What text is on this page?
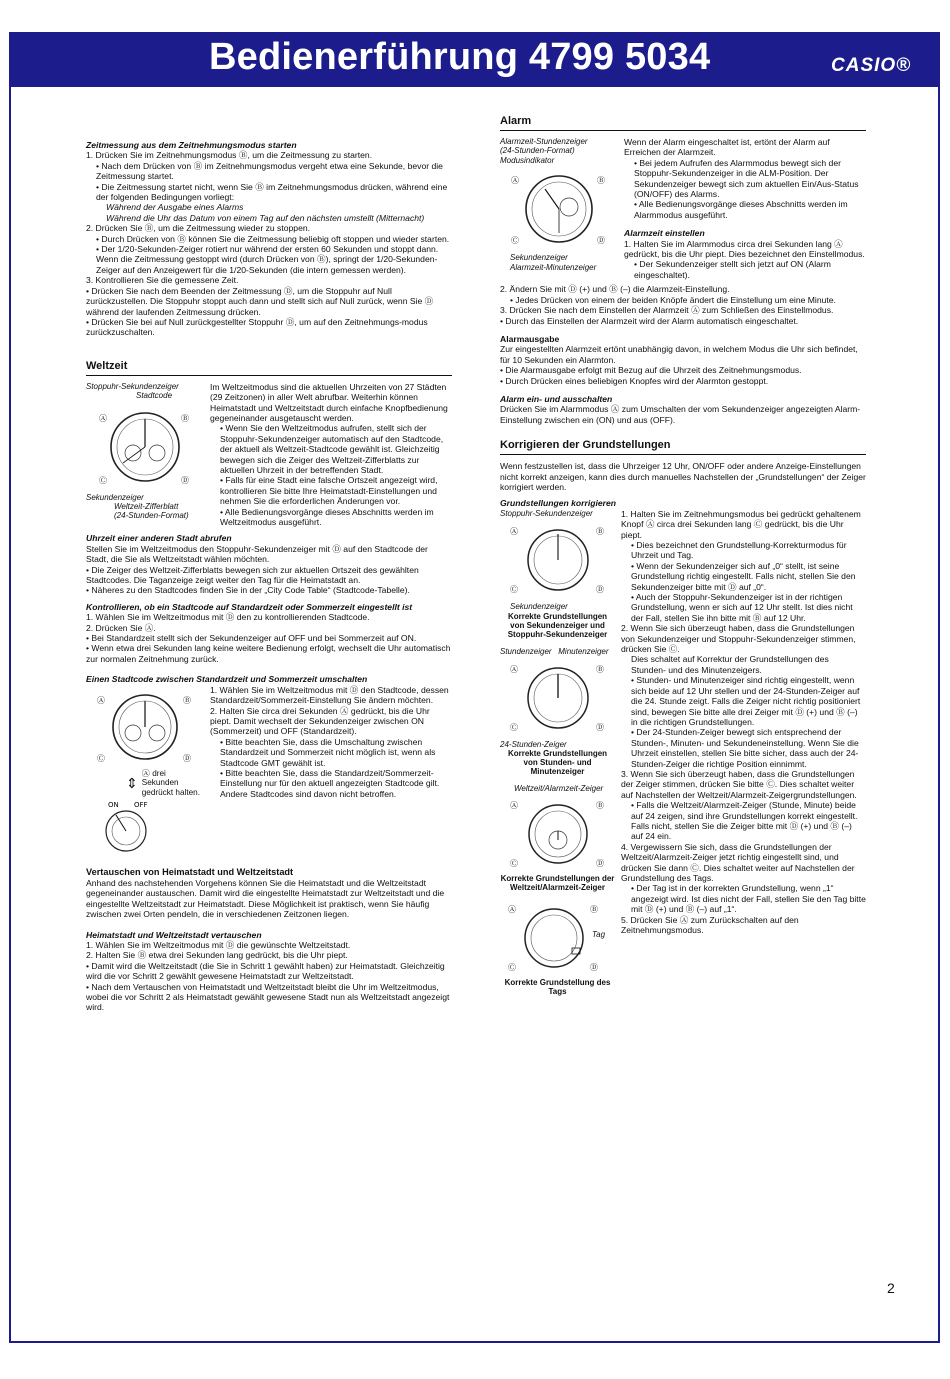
Bedienerführung 4799 5034	CASIO®

Zeitmessung aus dem Zeitnehmungsmodus starten

1. Drücken Sie im Zeitnehmungsmodus Ⓑ, um die Zeitmessung zu starten.

• Nach dem Drücken von Ⓑ im Zeitnehmungsmodus vergeht etwa eine Sekunde, bevor die Zeitmessung startet.

• Die Zeitmessung startet nicht, wenn Sie Ⓑ im Zeitnehmungsmodus drücken, während eine der folgenden Bedingungen vorliegt:

Während der Ausgabe eines Alarms

Während die Uhr das Datum von einem Tag auf den nächsten umstellt (Mitternacht)

2. Drücken Sie Ⓑ, um die Zeitmessung wieder zu stoppen.

• Durch Drücken von Ⓑ können Sie die Zeitmessung beliebig oft stoppen und wieder starten.

• Der 1/20-Sekunden-Zeiger rotiert nur während der ersten 60 Sekunden und stoppt dann. Wenn die Zeitmessung gestoppt wird (durch Drücken von Ⓑ), springt der 1/20-Sekunden-Zeiger auf den Anzeigewert für die 1/20-Sekunden (die intern gemessen werden).

3. Kontrollieren Sie die gemessene Zeit.

• Drücken Sie nach dem Beenden der Zeitmessung Ⓓ, um die Stoppuhr auf Null zurückzustellen. Die Stoppuhr stoppt auch dann und stellt sich auf Null zurück, wenn Sie Ⓓ während der laufenden Zeitmessung drücken.

• Drücken Sie bei auf Null zurückgestellter Stoppuhr Ⓓ, um auf den Zeitnehmungs-modus zurückzuschalten.

Weltzeit

Stoppuhr-Sekundenzeiger

Stadtcode

Ⓐ	Ⓑ
Ⓒ	Ⓓ

Sekundenzeiger

Weltzeit-Zifferblatt

(24-Stunden-Format)

Im Weltzeitmodus sind die aktuellen Uhrzeiten von 27 Städten (29 Zeitzonen) in aller Welt abrufbar. Weiterhin können Heimatstadt und Weltzeitstadt durch einfache Knopfbedienung gegeneinander ausgetauscht werden.

• Wenn Sie den Weltzeitmodus aufrufen, stellt sich der Stoppuhr-Sekundenzeiger automatisch auf den Stadtcode, der aktuell als Weltzeit-Stadtcode gewählt ist. Gleichzeitig bewegen sich die Zeiger des Weltzeit-Zifferblatts zur aktuellen Uhrzeit in der betreffenden Stadt.

• Falls für eine Stadt eine falsche Ortszeit angezeigt wird, kontrollieren Sie bitte Ihre Heimatstadt-Einstellungen und nehmen Sie die erforderlichen Änderungen vor.

• Alle Bedienungsvorgänge dieses Abschnitts werden im Weltzeitmodus ausgeführt.

Uhrzeit einer anderen Stadt abrufen

Stellen Sie im Weltzeitmodus den Stoppuhr-Sekundenzeiger mit Ⓓ auf den Stadtcode der Stadt, die Sie als Weltzeitstadt wählen möchten.

• Die Zeiger des Weltzeit-Zifferblatts bewegen sich zur aktuellen Ortszeit des gewählten Stadtcodes. Die Taganzeige zeigt weiter den Tag für die Heimatstadt an.

• Näheres zu den Stadtcodes finden Sie in der „City Code Table“ (Stadtcode-Tabelle).

Kontrollieren, ob ein Stadtcode auf Standardzeit oder Sommerzeit eingestellt ist

1. Wählen Sie im Weltzeitmodus mit Ⓓ den zu kontrollierenden Stadtcode.

2. Drücken Sie Ⓐ.

• Bei Standardzeit stellt sich der Sekundenzeiger auf OFF und bei Sommerzeit auf ON.

• Wenn etwa drei Sekunden lang keine weitere Bedienung erfolgt, wechselt die Uhr automatisch zur normalen Zeitnehmung zurück.

Einen Stadtcode zwischen Standardzeit und Sommerzeit umschalten

Ⓐ	Ⓑ
Ⓒ	Ⓓ
⇕

Ⓐ drei Sekunden gedrückt halten.

ON OFF

1. Wählen Sie im Weltzeitmodus mit Ⓓ den Stadtcode, dessen Standardzeit/Sommerzeit-Einstellung Sie ändern möchten.

2. Halten Sie circa drei Sekunden Ⓐ gedrückt, bis die Uhr piept. Damit wechselt der Sekundenzeiger zwischen ON (Sommerzeit) und OFF (Standardzeit).

• Bitte beachten Sie, dass die Umschaltung zwischen Standardzeit und Sommerzeit nicht möglich ist, wenn als Stadtcode GMT gewählt ist.

• Bitte beachten Sie, dass die Standardzeit/Sommerzeit-Einstellung nur für den aktuell angezeigten Stadtcode gilt. Andere Stadtcodes sind davon nicht betroffen.

Vertauschen von Heimatstadt und Weltzeitstadt

Anhand des nachstehenden Vorgehens können Sie die Heimatstadt und die Weltzeitstadt gegeneinander austauschen. Damit wird die eingestellte Heimatstadt zur Weltzeitstadt und die eingestellte Weltzeitstadt zur Heimatstadt. Diese Möglichkeit ist praktisch, wenn Sie häufig zwischen zwei Orten pendeln, die in verschiedenen Zeitzonen liegen.

Heimatstadt und Weltzeitstadt vertauschen

1. Wählen Sie im Weltzeitmodus mit Ⓓ die gewünschte Weltzeitstadt.

2. Halten Sie Ⓑ etwa drei Sekunden lang gedrückt, bis die Uhr piept.

• Damit wird die Weltzeitstadt (die Sie in Schritt 1 gewählt haben) zur Heimatstadt. Gleichzeitig wird die vor Schritt 2 gewählt gewesene Heimatstadt zur Weltzeitstadt.

• Nach dem Vertauschen von Heimatstadt und Weltzeitstadt bleibt die Uhr im Weltzeitmodus, wobei die vor Schritt 2 als Heimatstadt gewählt gewesene Stadt nun als Weltzeitstadt angezeigt wird.

Alarm

Alarmzeit-Stundenzeiger

(24-Stunden-Format)

Modusindikator

Ⓐ	Ⓑ
Ⓒ	Ⓓ

Sekundenzeiger

Alarmzeit-Minutenzeiger

Wenn der Alarm eingeschaltet ist, ertönt der Alarm auf Erreichen der Alarmzeit.

• Bei jedem Aufrufen des Alarmmodus bewegt sich der Stoppuhr-Sekundenzeiger in die ALM-Position. Der Sekundenzeiger bewegt sich zum aktuellen Ein/Aus-Status (ON/OFF) des Alarms.

• Alle Bedienungsvorgänge dieses Abschnitts werden im Alarmmodus ausgeführt.

Alarmzeit einstellen

1. Halten Sie im Alarmmodus circa drei Sekunden lang Ⓐ gedrückt, bis die Uhr piept. Dies bezeichnet den Einstellmodus.

• Der Sekundenzeiger stellt sich jetzt auf ON (Alarm eingeschaltet).

2. Ändern Sie mit Ⓓ (+) und Ⓑ (–) die Alarmzeit-Einstellung.

• Jedes Drücken von einem der beiden Knöpfe ändert die Einstellung um eine Minute.

3. Drücken Sie nach dem Einstellen der Alarmzeit Ⓐ zum Schließen des Einstellmodus.

• Durch das Einstellen der Alarmzeit wird der Alarm automatisch eingeschaltet.

Alarmausgabe

Zur eingestellten Alarmzeit ertönt unabhängig davon, in welchem Modus die Uhr sich befindet, für 10 Sekunden ein Alarmton.

• Die Alarmausgabe erfolgt mit Bezug auf die Uhrzeit des Zeitnehmungsmodus.

• Durch Drücken eines beliebigen Knopfes wird der Alarmton gestoppt.

Alarm ein- und ausschalten

Drücken Sie im Alarmmodus Ⓐ zum Umschalten der vom Sekundenzeiger angezeigten Alarm-Einstellung zwischen ein (ON) und aus (OFF).

Korrigieren der Grundstellungen

Wenn festzustellen ist, dass die Uhrzeiger 12 Uhr, ON/OFF oder andere Anzeige-Einstellungen nicht korrekt anzeigen, kann dies durch manuelles Nachstellen der „Grundstellungen“ der Zeiger korrigiert werden.

Grundstellungen korrigieren

Stoppuhr-Sekundenzeiger

Ⓐ	Ⓑ
Ⓒ	Ⓓ

Sekundenzeiger

Korrekte Grundstellungen von Sekundenzeiger und Stoppuhr-Sekundenzeiger

Stundenzeiger Minutenzeiger

Ⓐ	Ⓑ
Ⓒ	Ⓓ

24-Stunden-Zeiger

Korrekte Grundstellungen von Stunden- und Minutenzeiger

Weltzeit/Alarmzeit-Zeiger

Ⓐ	Ⓑ
Ⓒ	Ⓓ

Korrekte Grundstellungen der Weltzeit/Alarmzeit-Zeiger

Ⓐ	Ⓑ
Ⓒ	Ⓓ
Tag

Korrekte Grundstellung des Tags

1. Halten Sie im Zeitnehmungsmodus bei gedrückt gehaltenem Knopf Ⓐ circa drei Sekunden lang Ⓒ gedrückt, bis die Uhr piept.

• Dies bezeichnet den Grundstellung-Korrekturmodus für Uhrzeit und Tag.

• Wenn der Sekundenzeiger sich auf „0“ stellt, ist seine Grundstellung richtig eingestellt. Falls nicht, stellen Sie den Sekundenzeiger bitte mit Ⓓ auf „0“.

• Auch der Stoppuhr-Sekundenzeiger ist in der richtigen Grundstellung, wenn er sich auf 12 Uhr stellt. Ist dies nicht der Fall, stellen Sie ihn bitte mit Ⓑ auf 12 Uhr.

2. Wenn Sie sich überzeugt haben, dass die Grundstellungen von Sekundenzeiger und Stoppuhr-Sekundenzeiger stimmen, drücken Sie Ⓒ.

Dies schaltet auf Korrektur der Grundstellungen des Stunden- und des Minutenzeigers.

• Stunden- und Minutenzeiger sind richtig eingestellt, wenn sich beide auf 12 Uhr stellen und der 24-Stunden-Zeiger auf die 24. Stunde zeigt. Falls die Zeiger nicht richtig positioniert sind, bewegen Sie bitte alle drei Zeiger mit Ⓓ (+) und Ⓑ (–) in die richtigen Grundstellungen.

• Der 24-Stunden-Zeiger bewegt sich entsprechend der Stunden-, Minuten- und Sekundeneinstellung. Wenn Sie die Uhrzeit einstellen, stellen Sie bitte sicher, dass auch der 24-Stunden-Zeiger die richtige Position einnimmt.

3. Wenn Sie sich überzeugt haben, dass die Grundstellungen der Zeiger stimmen, drücken Sie bitte Ⓒ. Dies schaltet weiter auf Nachstellen der Weltzeit/Alarmzeit-Zeigergrundstellungen.

• Falls die Weltzeit/Alarmzeit-Zeiger (Stunde, Minute) beide auf 24 zeigen, sind ihre Grundstellungen korrekt eingestellt. Falls nicht, stellen Sie die Zeiger bitte mit Ⓓ (+) und Ⓑ (–) auf 24 ein.

4. Vergewissern Sie sich, dass die Grundstellungen der Weltzeit/Alarmzeit-Zeiger jetzt richtig eingestellt sind, und drücken Sie dann Ⓒ. Dies schaltet weiter auf Nachstellen der Grundstellung des Tags.

• Der Tag ist in der korrekten Grundstellung, wenn „1“ angezeigt wird. Ist dies nicht der Fall, stellen Sie den Tag bitte mit Ⓓ (+) und Ⓑ (–) auf „1“.

5. Drücken Sie Ⓐ zum Zurückschalten auf den Zeitnehmungsmodus.

2
